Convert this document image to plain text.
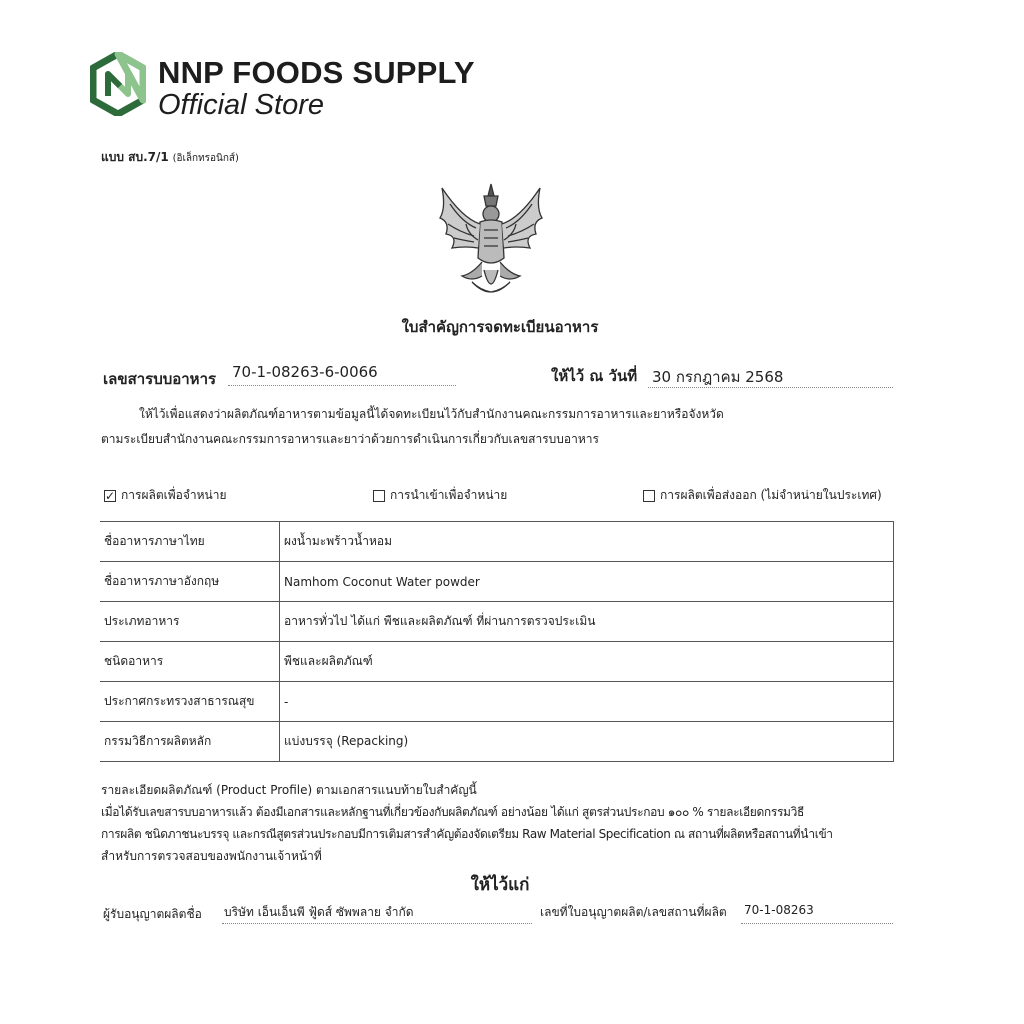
NNP FOODS SUPPLY
Official Store
แบบ สบ.7/1 (อิเล็กทรอนิกส์)
ใบสำคัญการจดทะเบียนอาหาร
เลขสารบบอาหาร 70-1-08263-6-0066	ให้ไว้ ณ วันที่ 30 กรกฎาคม 2568
ให้ไว้เพื่อแสดงว่าผลิตภัณฑ์อาหารตามข้อมูลนี้ได้จดทะเบียนไว้กับสำนักงานคณะกรรมการอาหารและยาหรือจังหวัด
ตามระเบียบสำนักงานคณะกรรมการอาหารและยาว่าด้วยการดำเนินการเกี่ยวกับเลขสารบบอาหาร
✓ การผลิตเพื่อจำหน่าย	การนำเข้าเพื่อจำหน่าย	การผลิตเพื่อส่งออก (ไม่จำหน่ายในประเทศ)
ชื่ออาหารภาษาไทย	ผงน้ำมะพร้าวน้ำหอม
ชื่ออาหารภาษาอังกฤษ	Namhom Coconut Water powder
ประเภทอาหาร	อาหารทั่วไป ได้แก่ พืชและผลิตภัณฑ์ ที่ผ่านการตรวจประเมิน
ชนิดอาหาร	พืชและผลิตภัณฑ์
ประกาศกระทรวงสาธารณสุข	-
กรรมวิธีการผลิตหลัก	แบ่งบรรจุ (Repacking)
รายละเอียดผลิตภัณฑ์ (Product Profile) ตามเอกสารแนบท้ายใบสำคัญนี้
เมื่อได้รับเลขสารบบอาหารแล้ว ต้องมีเอกสารและหลักฐานที่เกี่ยวข้องกับผลิตภัณฑ์ อย่างน้อย ได้แก่ สูตรส่วนประกอบ ๑๐๐ % รายละเอียดกรรมวิธี
การผลิต ชนิดภาชนะบรรจุ และกรณีสูตรส่วนประกอบมีการเติมสารสำคัญต้องจัดเตรียม Raw Material Specification ณ สถานที่ผลิตหรือสถานที่นำเข้า
สำหรับการตรวจสอบของพนักงานเจ้าหน้าที่
ให้ไว้แก่
ผู้รับอนุญาตผลิตชื่อ บริษัท เอ็นเอ็นพี ฟู้ดส์ ซัพพลาย จำกัด	เลขที่ใบอนุญาตผลิต/เลขสถานที่ผลิต 70-1-08263
